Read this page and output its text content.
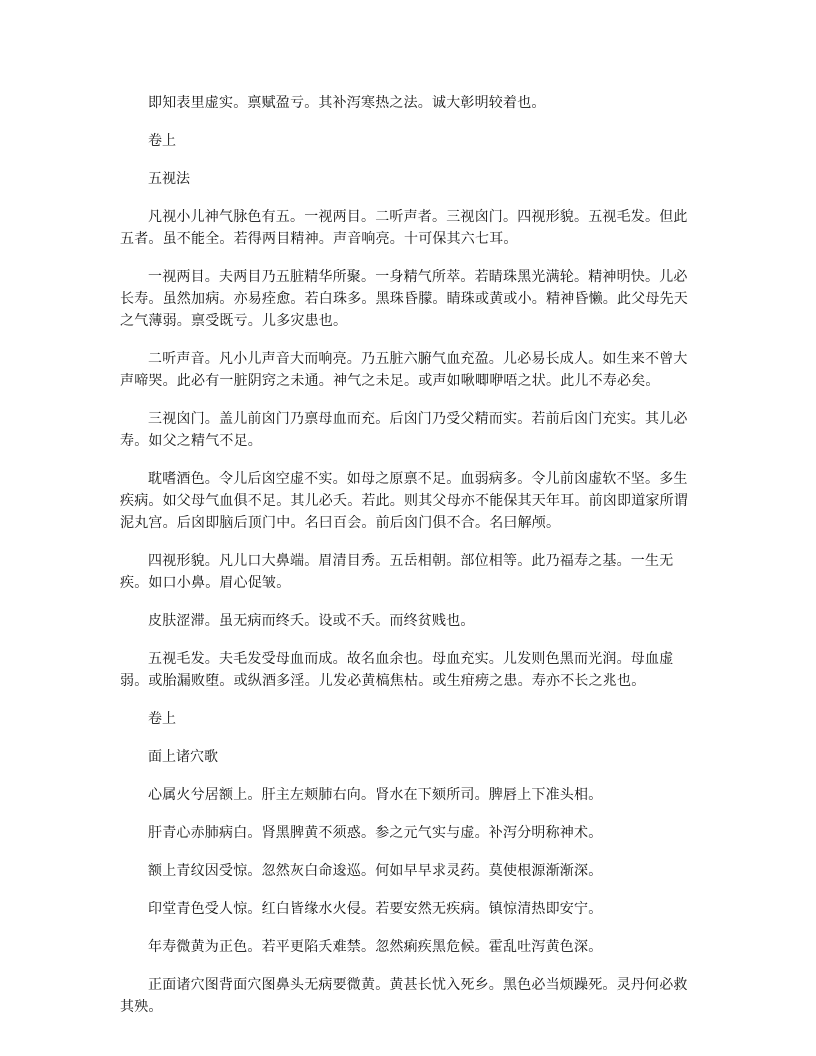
即知表里虚实。禀赋盈亏。其补泻寒热之法。诚大彰明较着也。

卷上

五视法

凡视小儿神气脉色有五。一视两目。二听声者。三视囟门。四视形貌。五视毛发。但此五者。虽不能全。若得两目精神。声音响亮。十可保其六七耳。

一视两目。夫两目乃五脏精华所聚。一身精气所萃。若睛珠黑光满轮。精神明快。儿必长寿。虽然加病。亦易痊愈。若白珠多。黑珠昏朦。睛珠或黄或小。精神昏懒。此父母先天之气薄弱。禀受既亏。儿多灾患也。

二听声音。凡小儿声音大而响亮。乃五脏六腑气血充盈。儿必易长成人。如生来不曾大声啼哭。此必有一脏阴窍之未通。神气之未足。或声如啾唧咿唔之状。此儿不寿必矣。

三视囟门。盖儿前囟门乃禀母血而充。后囟门乃受父精而实。若前后囟门充实。其儿必寿。如父之精气不足。

耽嗜酒色。令儿后囟空虚不实。如母之原禀不足。血弱病多。令儿前囟虚软不坚。多生疾病。如父母气血俱不足。其儿必夭。若此。则其父母亦不能保其天年耳。前囟即道家所谓泥丸宫。后囟即脑后顶门中。名曰百会。前后囟门俱不合。名曰解颅。

四视形貌。凡儿口大鼻端。眉清目秀。五岳相朝。部位相等。此乃福寿之基。一生无疾。如口小鼻。眉心促皱。

皮肤涩滞。虽无病而终夭。设或不夭。而终贫贱也。

五视毛发。夫毛发受母血而成。故名血余也。母血充实。儿发则色黑而光润。母血虚弱。或胎漏败堕。或纵酒多淫。儿发必黄槁焦枯。或生疳痨之患。寿亦不长之兆也。

卷上

面上诸穴歌

心属火兮居额上。肝主左颊肺右向。肾水在下颏所司。脾唇上下准头相。

肝青心赤肺病白。肾黑脾黄不须惑。参之元气实与虚。补泻分明称神术。

额上青纹因受惊。忽然灰白命逡巡。何如早早求灵药。莫使根源渐渐深。

印堂青色受人惊。红白皆缘水火侵。若要安然无疾病。镇惊清热即安宁。

年寿微黄为正色。若平更陷夭难禁。忽然痢疾黑危候。霍乱吐泻黄色深。

正面诸穴图背面穴图鼻头无病要微黄。黄甚长忧入死乡。黑色必当烦躁死。灵丹何必救其殃。
